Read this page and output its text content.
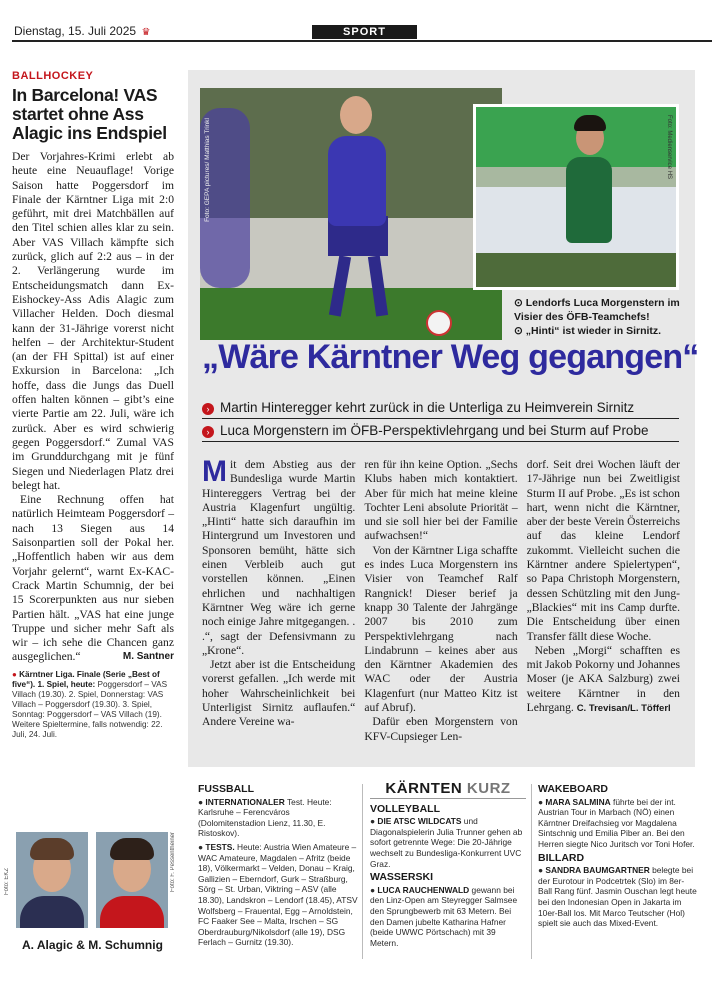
Dienstag, 15. Juli 2025 ♛	SPORT
BALLHOCKEY
In Barcelona! VAS startet ohne Ass Alagic ins Endspiel

Der Vorjahres-Krimi erlebt ab heute eine Neuauflage! Vorige Saison hatte Poggersdorf im Finale der Kärntner Liga mit 2:0 geführt, mit drei Matchbällen auf den Titel schien alles klar zu sein. Aber VAS Villach kämpfte sich zurück, glich auf 2:2 aus – in der 2. Verlängerung wurde im Entscheidungsmatch dann Ex-Eishockey-Ass Adis Alagic zum Villacher Helden. Doch diesmal kann der 31-Jährige vorerst nicht helfen – der Architektur-Student (an der FH Spittal) ist auf einer Exkursion in Barcelona: „Ich hoffe, dass die Jungs das Duell offen halten können – gibt’s eine vierte Partie am 22. Juli, wäre ich zurück. Aber es wird schwierig gegen Poggersdorf.“ Zumal VAS im Grunddurchgang mit je fünf Siegen und Niederlagen Platz drei belegt hat.

Eine Rechnung offen hat natürlich Heimteam Poggersdorf – nach 13 Siegen aus 14 Saisonpartien soll der Pokal her. „Hoffentlich haben wir aus dem Vorjahr gelernt“, warnt Ex-KAC-Crack Martin Schumnig, der bei 15 Scorerpunkten aus nur sieben Partien hält. „VAS hat eine junge Truppe und sicher mehr Saft als wir – ich sehe die Chancen ganz ausgeglichen.“	M. Santner

● Kärntner Liga. Finale (Serie „Best of five“). 1. Spiel, heute: Poggersdorf – VAS Villach (19.30). 2. Spiel, Donnerstag: VAS Villach – Poggersdorf (19.30). 3. Spiel, Sonntag: Poggersdorf – VAS Villach (19). Weitere Spieltermine, falls notwendig: 22. Juli, 24. Juli.
Foto: EKZ	Foto: F. Pessentheiner
A. Alagic & M. Schumnig
Foto: GEPA pictures/ Matthias Trinkl	Foto: Medienservice HS
⊙ Lendorfs Luca Morgenstern im Visier des ÖFB-Teamchefs!
⊙ „Hinti“ ist wieder in Sirnitz.
„Wäre Kärntner Weg gegangen“
› Martin Hinteregger kehrt zurück in die Unterliga zu Heimverein Sirnitz
› Luca Morgenstern im ÖFB-Perspektivlehrgang und bei Sturm auf Probe

Mit dem Abstieg aus der Bundesliga wurde Martin Hintereggers Vertrag bei der Austria Klagenfurt ungültig. „Hinti“ hatte sich daraufhin im Hintergrund um Investoren und Sponsoren bemüht, hätte sich einen Verbleib auch gut vorstellen können. „Einen ehrlichen und nachhaltigen Kärntner Weg wäre ich gerne noch einige Jahre mitgegangen. . .“, sagt der Defensivmann zu „Krone“.

Jetzt aber ist die Entscheidung vorerst gefallen. „Ich werde mit hoher Wahrscheinlichkeit bei Unterligist Sirnitz auflaufen.“ Andere Vereine wa-

ren für ihn keine Option. „Sechs Klubs haben mich kontaktiert. Aber für mich hat meine kleine Tochter Leni absolute Priorität – und sie soll hier bei der Familie aufwachsen!“

Von der Kärntner Liga schaffte es indes Luca Morgenstern ins Visier von Teamchef Ralf Rangnick! Dieser berief ja knapp 30 Talente der Jahrgänge 2007 bis 2010 zum Perspektivlehrgang nach Lindabrunn – keines aber aus den Kärntner Akademien des WAC oder der Austria Klagenfurt (nur Matteo Kitz ist auf Abruf).

Dafür eben Morgenstern von KFV-Cupsieger Len-

dorf. Seit drei Wochen läuft der 17-Jährige nun bei Zweitligist Sturm II auf Probe. „Es ist schon hart, wenn nicht die Kärntner, aber der beste Verein Österreichs auf das kleine Lendorf zukommt. Vielleicht suchen die Kärntner andere Spielertypen“, so Papa Christoph Morgenstern, dessen Schützling mit den Jung-„Blackies“ mit ins Camp durfte. Die Entscheidung über einen Transfer fällt diese Woche.

Neben „Morgi“ schafften es mit Jakob Pokorny und Johannes Moser (je AKA Salzburg) zwei weitere Kärntner in den Lehrgang. C. Trevisan/L. Töfferl

FUSSBALL
● INTERNATIONALER Test. Heute: Karlsruhe – Ferencváros (Dolomitenstadion Lienz, 11.30, E. Ristoskov).
● TESTS. Heute: Austria Wien Amateure – WAC Amateure, Magdalen – Afritz (beide 18), Völkermarkt – Velden, Donau – Kraig, Gallizien – Eberndorf, Gurk – Straßburg, Sörg – St. Urban, Viktring – ASV (alle 18.30), Landskron – Lendorf (18.45), ATSV Wolfsberg – Frauental, Egg – Arnoldstein, FC Faaker See – Malta, Irschen – SG Oberdrauburg/Nikolsdorf (alle 19), DSG Ferlach – Gurnitz (19.30).
KÄRNTEN KURZ
VOLLEYBALL
● DIE ATSC WILDCATS und Diagonalspielerin Julia Trunner gehen ab sofort getrennte Wege: Die 20-Jährige wechselt zu Bundesliga-Konkurrent UVC Graz.
WASSERSKI
● LUCA RAUCHENWALD gewann bei den Linz-Open am Steyregger Salmsee den Sprungbewerb mit 63 Metern. Bei den Damen jubelte Katharina Hafner (beide UWWC Pörtschach) mit 39 Metern.
WAKEBOARD
● MARA SALMINA führte bei der int. Austrian Tour in Marbach (NÖ) einen Kärntner Dreifachsieg vor Magdalena Sintschnig und Emilia Piber an. Bei den Herren siegte Nico Juritsch vor Toni Hofer.
BILLARD
● SANDRA BAUMGARTNER belegte bei der Eurotour in Podcetrtek (Slo) im 8er-Ball Rang fünf. Jasmin Ouschan legt heute bei den Indonesian Open in Jakarta im 10er-Ball los. Mit Marco Teutscher (Hol) spielt sie auch das Mixed-Event.
